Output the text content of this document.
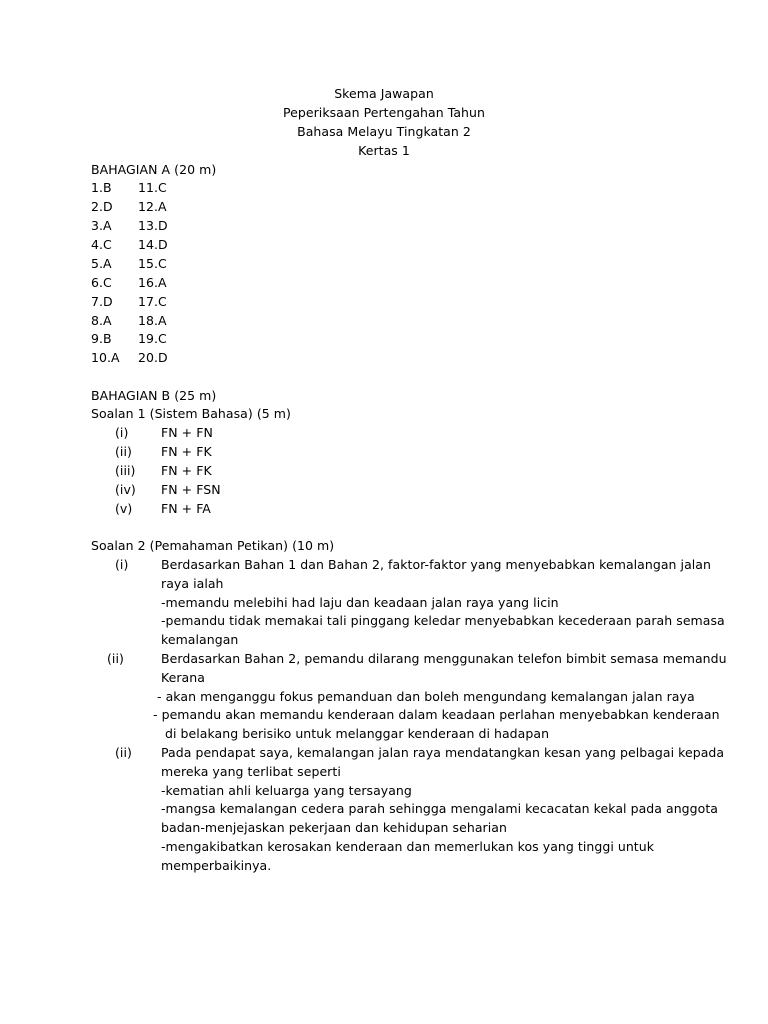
Skema Jawapan
Peperiksaan Pertengahan Tahun
Bahasa Melayu Tingkatan 2
Kertas 1
BAHAGIAN A (20 m)
1.B 11.C
2.D 12.A
3.A 13.D
4.C 14.D
5.A 15.C
6.C 16.A
7.D 17.C
8.A 18.A
9.B 19.C
10.A 20.D
BAHAGIAN B (25 m)
Soalan 1 (Sistem Bahasa) (5 m)
(i)	FN + FN
(ii) FN + FK
(iii) FN + FK
(iv) FN + FSN
(v) FN + FA
Soalan 2 (Pemahaman Petikan) (10 m)
(i)	Berdasarkan Bahan 1 dan Bahan 2, faktor-faktor yang menyebabkan kemalangan jalan
raya ialah
-memandu melebihi had laju dan keadaan jalan raya yang licin
-pemandu tidak memakai tali pinggang keledar menyebabkan kecederaan parah semasa
kemalangan
(ii)	Berdasarkan Bahan 2, pemandu dilarang menggunakan telefon bimbit semasa memandu
Kerana
- akan menganggu fokus pemanduan dan boleh mengundang kemalangan jalan raya
- pemandu akan memandu kenderaan dalam keadaan perlahan menyebabkan kenderaan
di belakang berisiko untuk melanggar kenderaan di hadapan
(ii) Pada pendapat saya, kemalangan jalan raya mendatangkan kesan yang pelbagai kepada
mereka yang terlibat seperti
-kematian ahli keluarga yang tersayang
-mangsa kemalangan cedera parah sehingga mengalami kecacatan kekal pada anggota
badan-menjejaskan pekerjaan dan kehidupan seharian
-mengakibatkan kerosakan kenderaan dan memerlukan kos yang tinggi untuk
memperbaikinya.
